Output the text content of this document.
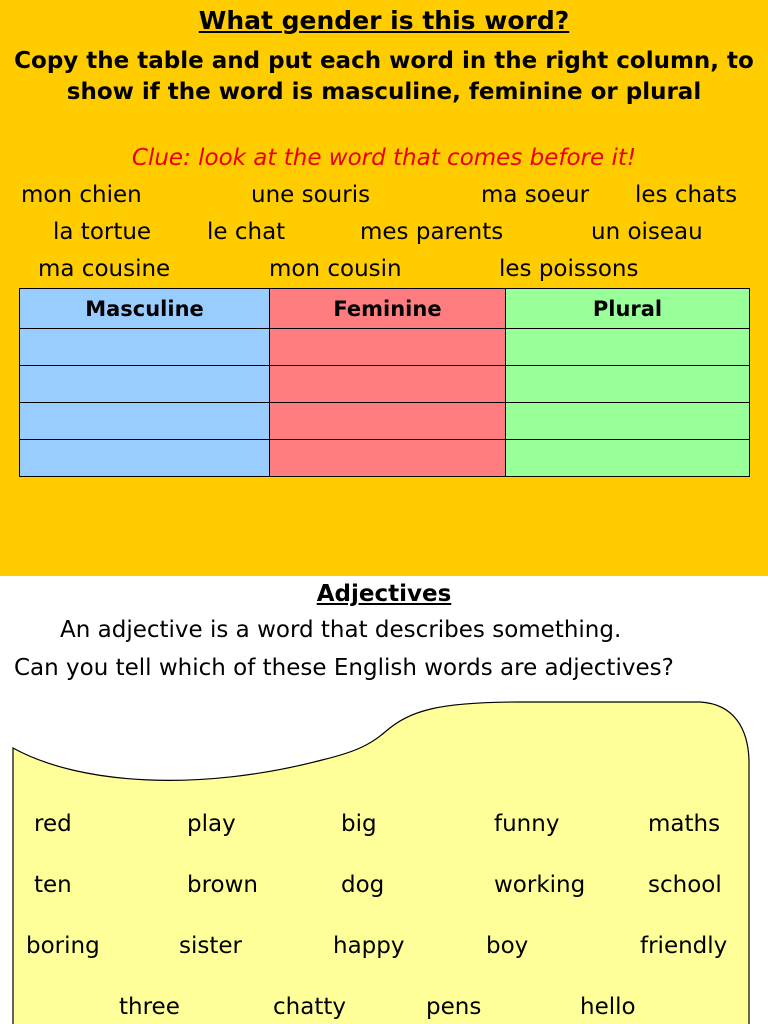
What gender is this word?
Copy the table and put each word in the right column, to show if the word is masculine, feminine or plural
Clue: look at the word that comes before it!
mon chien	une souris	ma soeur les chats
la tortue le chat	mes parents	un oiseau
ma cousine	mon cousin	les poissons
Masculine	Feminine	Plural

Adjectives
An adjective is a word that describes something.
Can you tell which of these English words are adjectives?
red	play	big	funny	maths
ten	brown	dog	working	school
boring	sister	happy	boy	friendly
three	chatty	pens	hello
